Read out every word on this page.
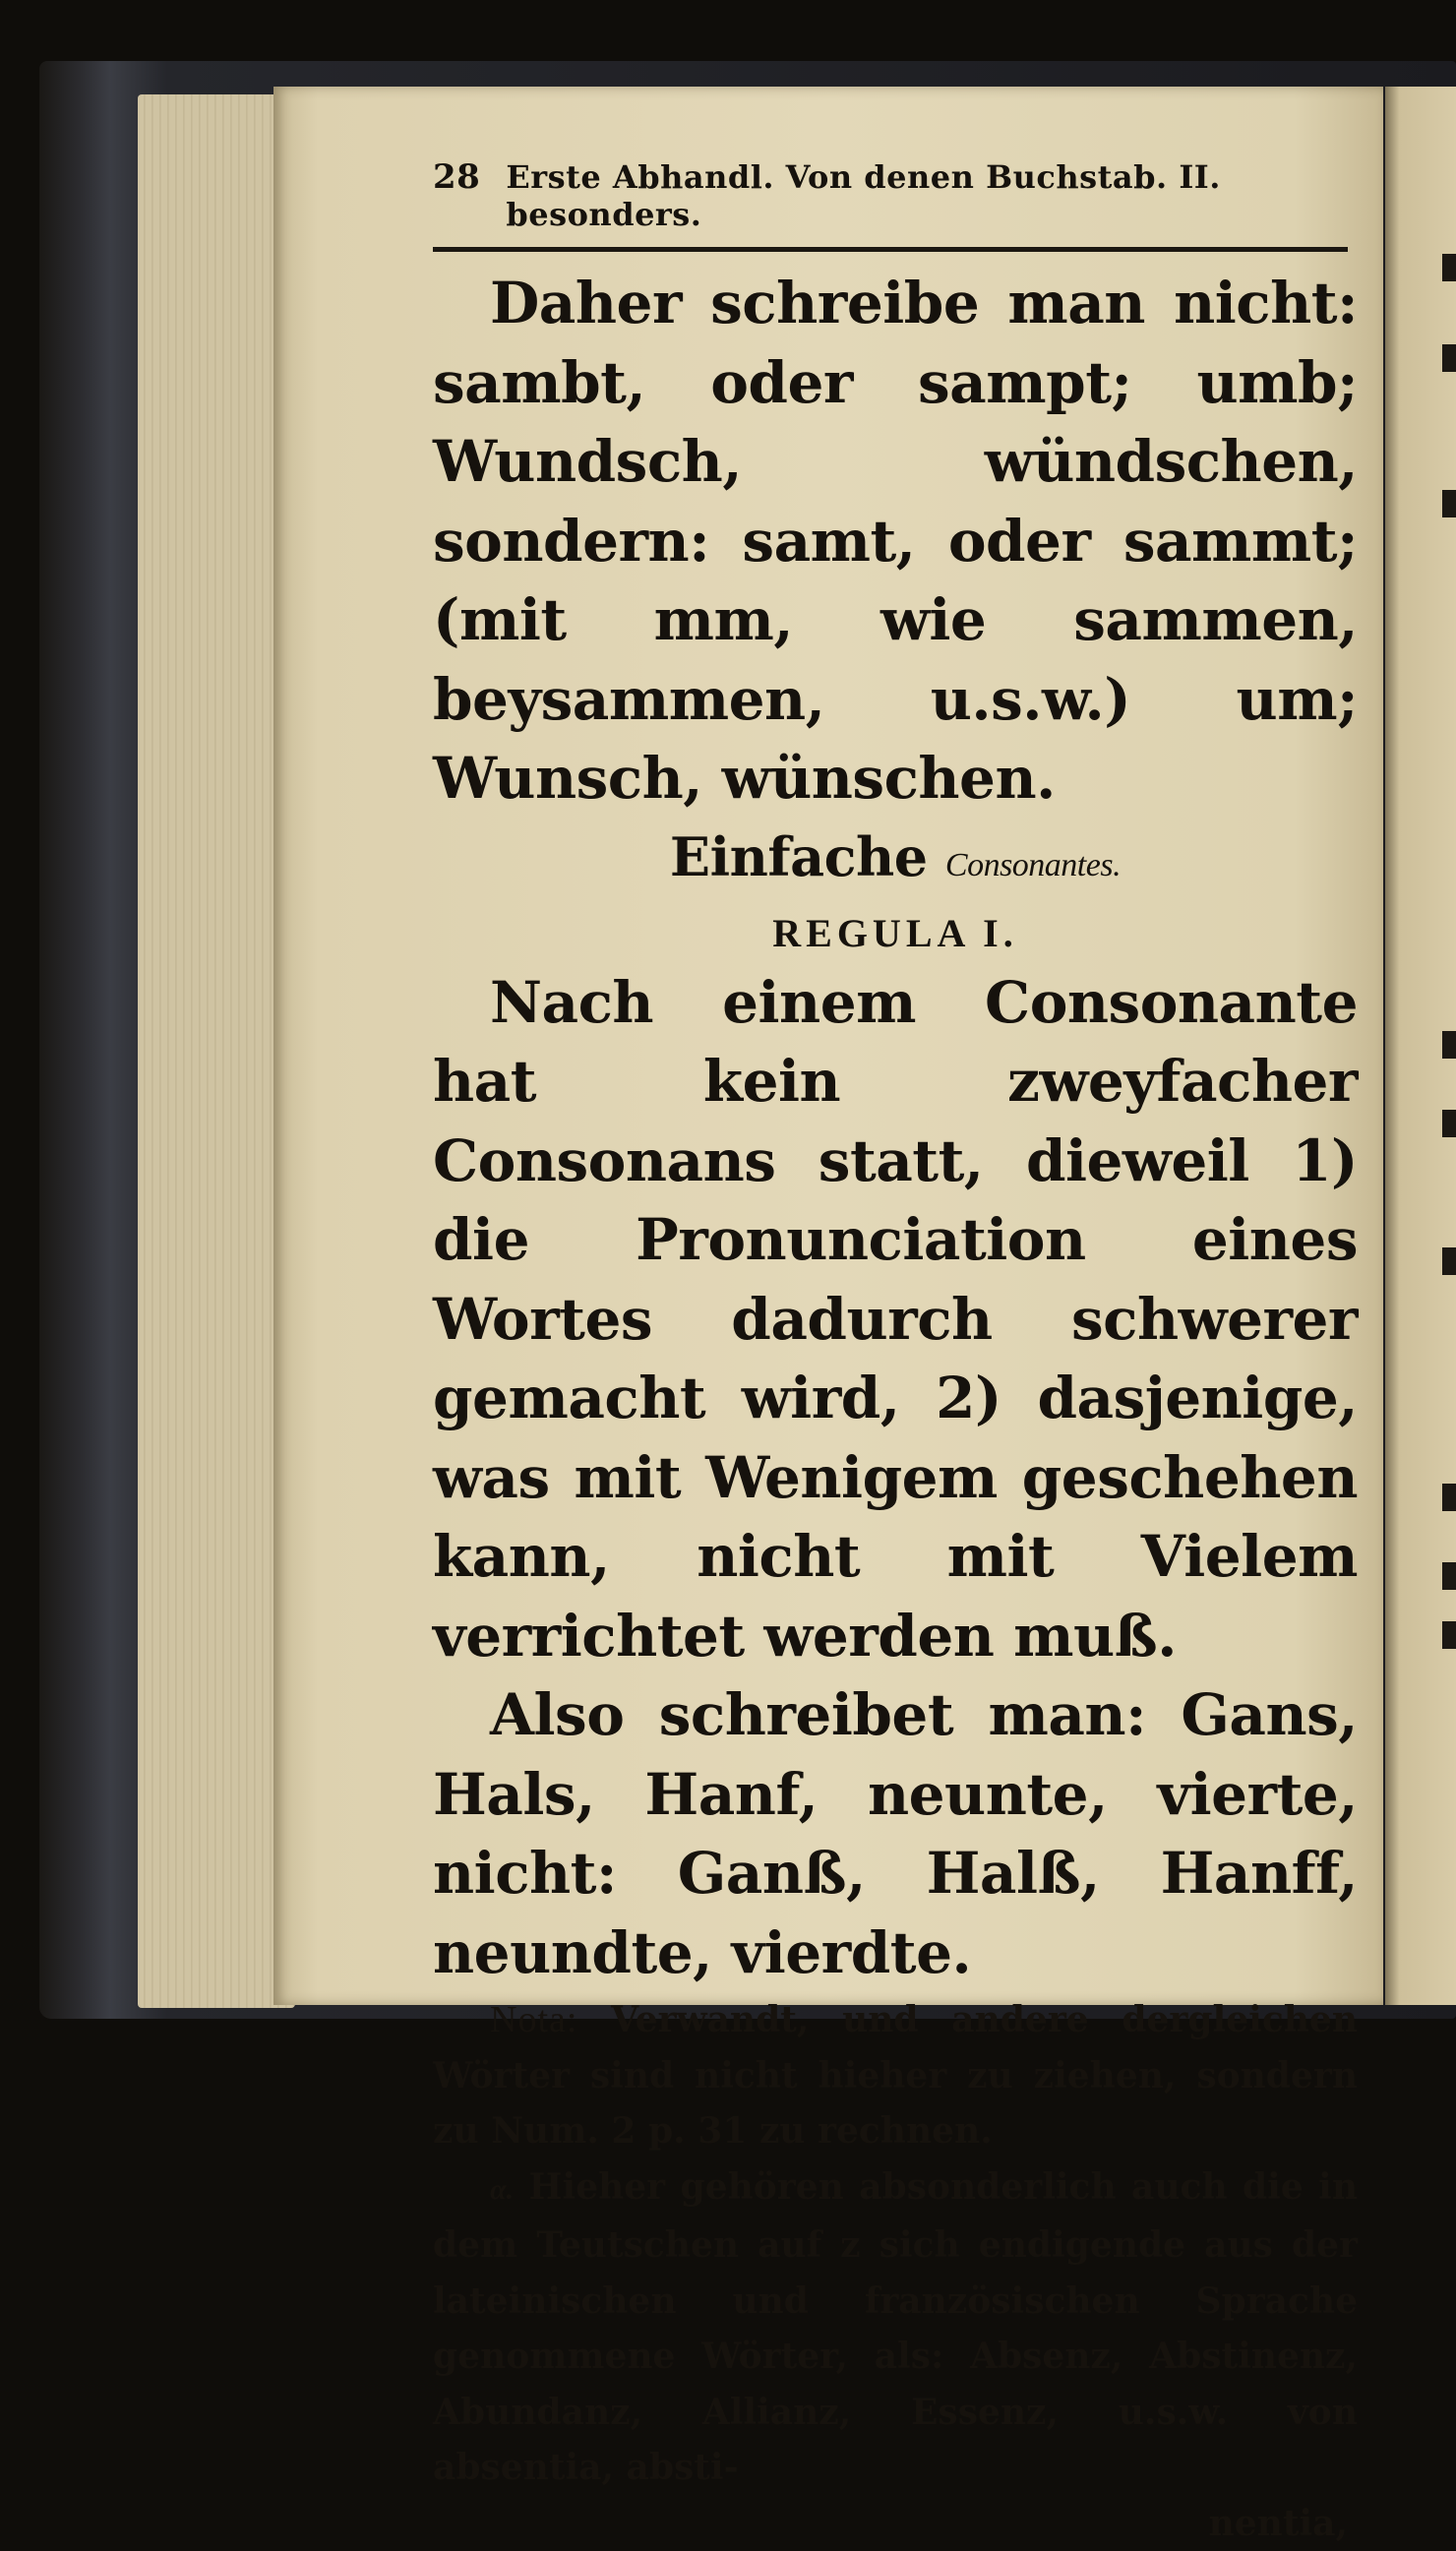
28 Erste Abhandl. Von denen Buchstab. II. besonders.

Daher schreibe man nicht: sambt, oder sampt; umb; Wundsch, wündschen, sondern: samt, oder sammt; (mit mm, wie sammen, beysammen, u.s.w.) um; Wunsch, wünschen.

Einfache Consonantes.

REGULA I.

Nach einem Consonante hat kein zweyfacher Consonans statt, dieweil 1) die Pronunciation eines Wortes dadurch schwerer gemacht wird, 2) dasjenige, was mit Wenigem geschehen kann, nicht mit Vielem verrichtet werden muß.

Also schreibet man: Gans, Hals, Hanf, neunte, vierte, nicht: Ganß, Halß, Hanff, neundte, vierdte.

Nota: Verwandt, und andere dergleichen Wörter sind nicht hieher zu ziehen, sondern zu Num. 2 p. 31 zu rechnen.

α. Hieher gehören absonderlich auch die in dem Teutschen auf z sich endigende aus der lateinischen und französischen Sprache genommene Wörter, als: Absenz, Abstinenz, Abundanz, Allianz, Essenz, u.s.w. von absentia, absti-

nentia,
